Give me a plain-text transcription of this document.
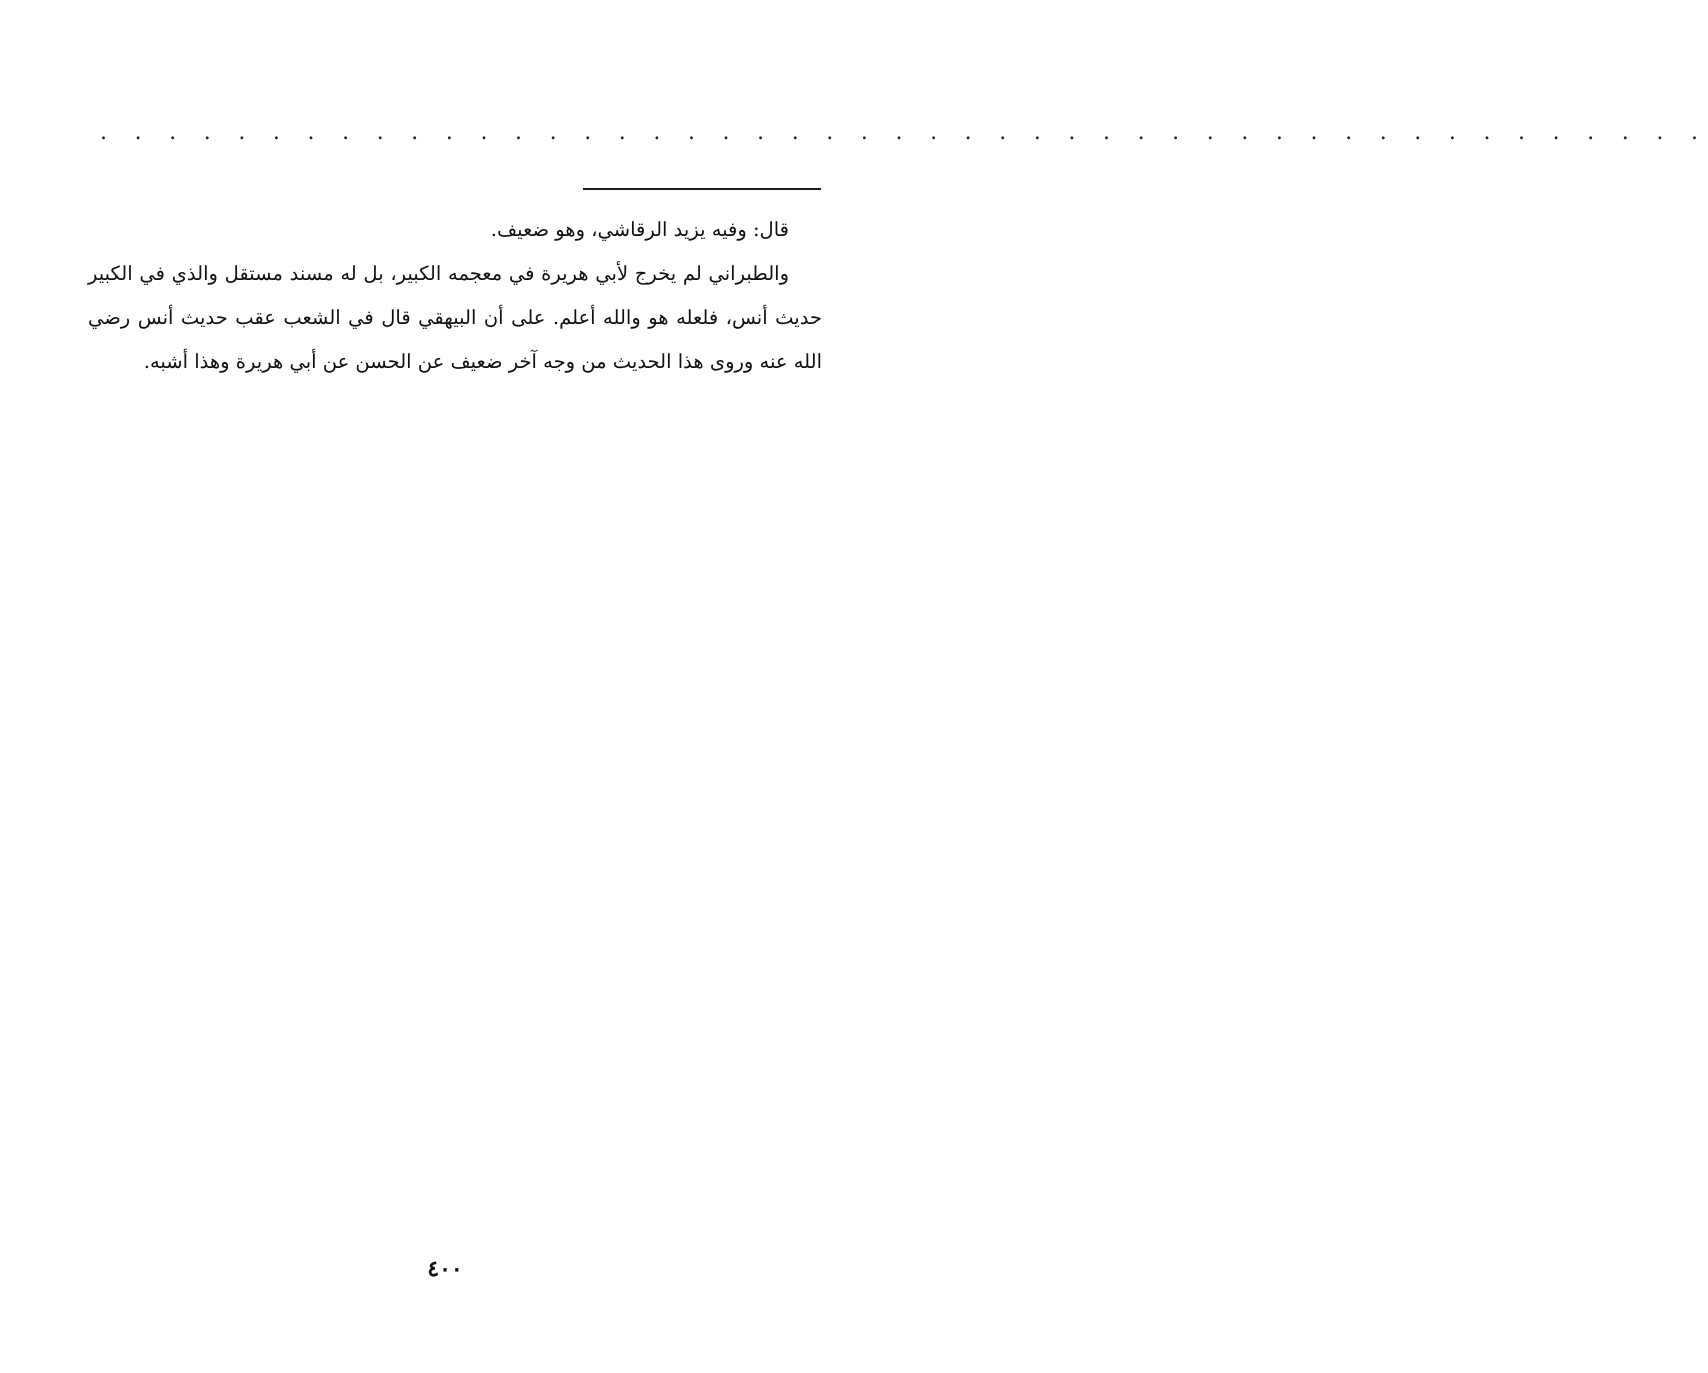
. . . . . . . . . . . . . . . . . . . . . . . . . . . . . . . . . . . . . . . . . . . . . . .

قال: وفيه يزيد الرقاشي، وهو ضعيف.

والطبراني لم يخرج لأبي هريرة في معجمه الكبير، بل له مسند مستقل والذي في الكبير حديث أنس، فلعله هو والله أعلم. على أن البيهقي قال في الشعب عقب حديث أنس رضي الله عنه وروى هذا الحديث من وجه آخر ضعيف عن الحسن عن أبي هريرة وهذا أشبه.

٤٠٠
